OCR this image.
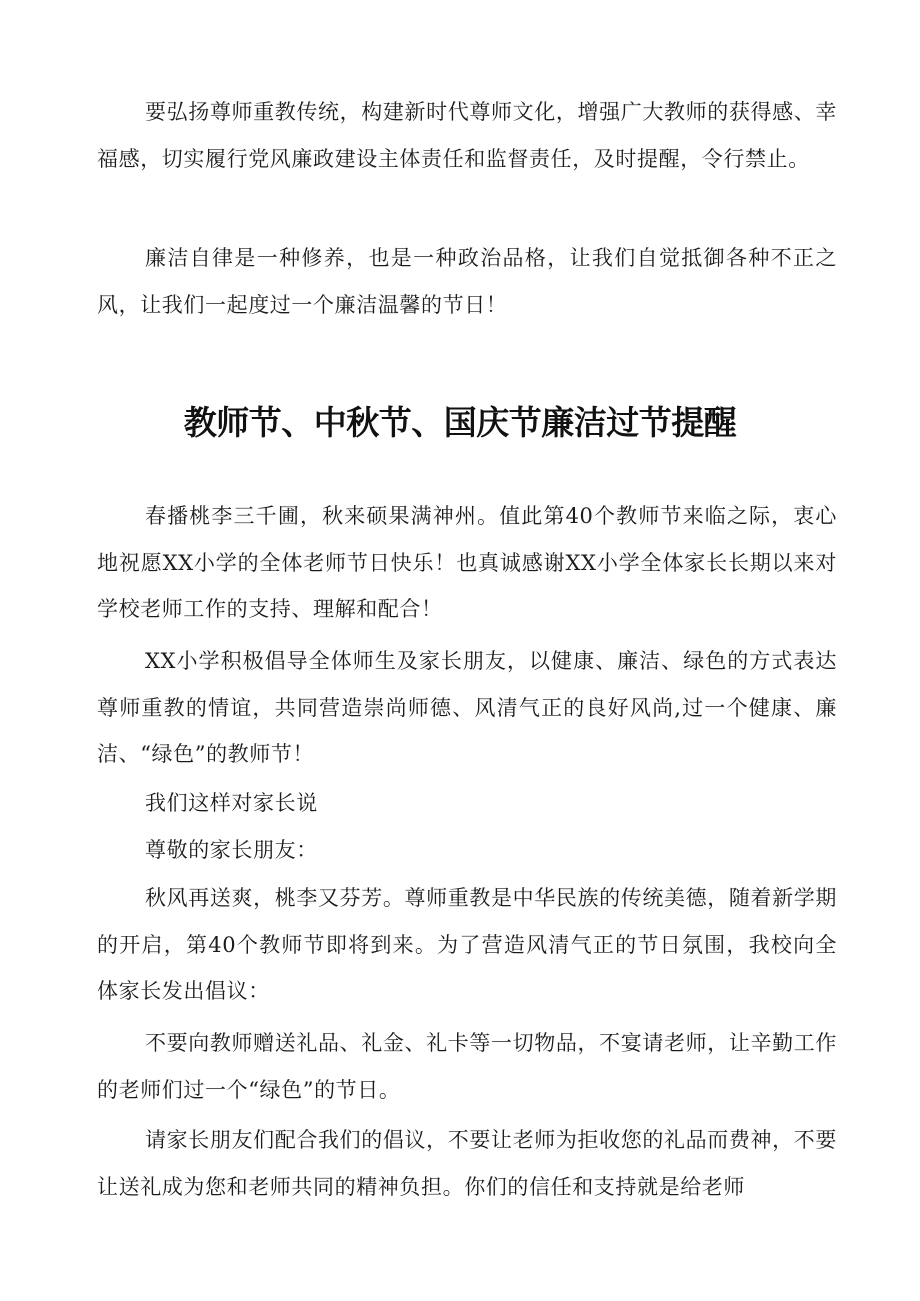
要弘扬尊师重教传统，构建新时代尊师文化，增强广大教师的获得感、幸福感，切实履行党风廉政建设主体责任和监督责任，及时提醒，令行禁止。

廉洁自律是一种修养，也是一种政治品格，让我们自觉抵御各种不正之风，让我们一起度过一个廉洁温馨的节日！

教师节、中秋节、国庆节廉洁过节提醒

春播桃李三千圃，秋来硕果满神州。值此第40个教师节来临之际，衷心地祝愿XX小学的全体老师节日快乐！也真诚感谢XX小学全体家长长期以来对学校老师工作的支持、理解和配合！

XX小学积极倡导全体师生及家长朋友，以健康、廉洁、绿色的方式表达尊师重教的情谊，共同营造崇尚师德、风清气正的良好风尚,过一个健康、廉洁、“绿色”的教师节！

我们这样对家长说

尊敬的家长朋友：

秋风再送爽，桃李又芬芳。尊师重教是中华民族的传统美德，随着新学期的开启，第40个教师节即将到来。为了营造风清气正的节日氛围，我校向全体家长发出倡议：

不要向教师赠送礼品、礼金、礼卡等一切物品，不宴请老师，让辛勤工作的老师们过一个“绿色”的节日。

请家长朋友们配合我们的倡议，不要让老师为拒收您的礼品而费神，不要让送礼成为您和老师共同的精神负担。你们的信任和支持就是给老师
